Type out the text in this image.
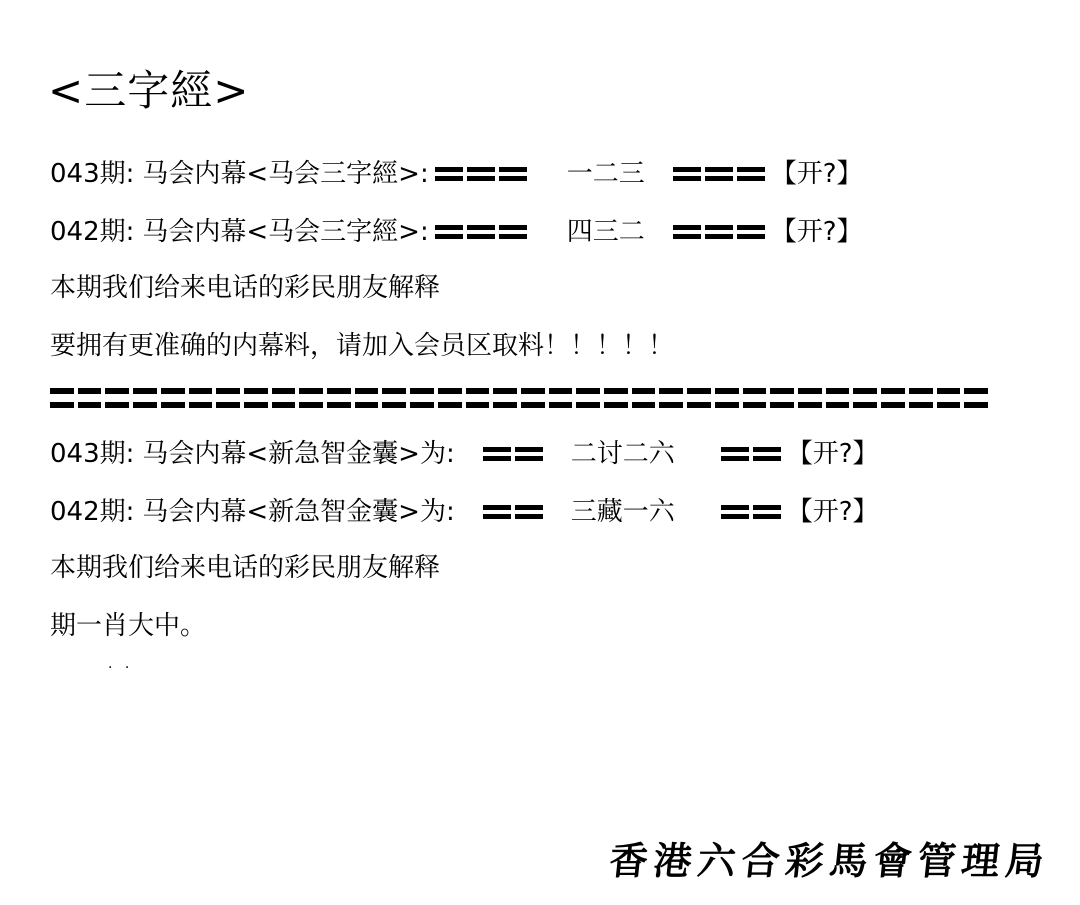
<三字經>
043期: 马会内幕<马会三字經>:	一二三	【开?】
042期: 马会内幕<马会三字經>:	四三二	【开?】
本期我们给来电话的彩民朋友解释
要拥有更准确的内幕料，请加入会员区取料！！！！！
043期: 马会内幕<新急智金囊>为:	二讨二六	【开?】
042期: 马会内幕<新急智金囊>为:	三藏一六	【开?】
本期我们给来电话的彩民朋友解释
期一肖大中。
· ·
香港六合彩馬會管理局
